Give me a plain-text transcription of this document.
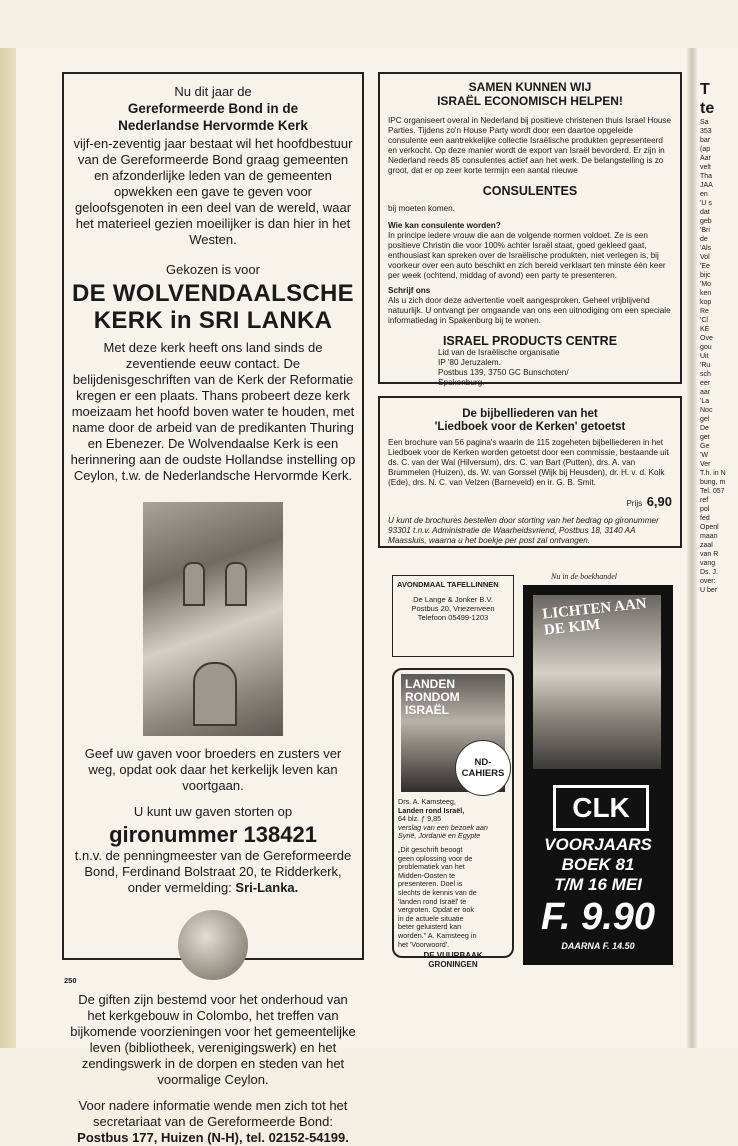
Nu dit jaar de

Gereformeerde Bond in de

Nederlandse Hervormde Kerk

vijf-en-zeventig jaar bestaat wil het hoofdbestuur van de Gereformeerde Bond graag gemeenten en afzonderlijke leden van de gemeenten opwekken een gave te geven voor geloofsgenoten in een deel van de wereld, waar het materieel gezien moeilijker is dan hier in het Westen.

Gekozen is voor

DE WOLVENDAALSCHE

KERK in SRI LANKA

Met deze kerk heeft ons land sinds de zeventiende eeuw contact. De belijdenisgeschriften van de Kerk der Reformatie kregen er een plaats. Thans probeert deze kerk moeizaam het hoofd boven water te houden, met name door de arbeid van de predikanten Thuring en Ebenezer. De Wolvendaalse Kerk is een herinnering aan de oudste Hollandse instelling op Ceylon, t.w. de Nederlandsche Hervormde Kerk.

Geef uw gaven voor broeders en zusters ver weg, opdat ook daar het kerkelijk leven kan voortgaan.

U kunt uw gaven storten op

gironummer 138421

t.n.v. de penningmeester van de Gereformeerde Bond, Ferdinand Bolstraat 20, te Ridderkerk, onder vermelding: Sri-Lanka.

De giften zijn bestemd voor het onderhoud van het kerkgebouw in Colombo, het treffen van bijkomende voorzieningen voor het gemeentelijke leven (bibliotheek, verenigingswerk) en het zendingswerk in de dorpen en steden van het voormalige Ceylon.

Voor nadere informatie wende men zich tot het secretariaat van de Gereformeerde Bond: Postbus 177, Huizen (N-H), tel. 02152-54199.

SAMEN KUNNEN WIJ
ISRAËL ECONOMISCH HELPEN!
IPC organiseert overal in Nederland bij positieve christenen thuis Israel House Parties. Tijdens zo'n House Party wordt door een daartoe opgeleide consulente een aantrekkelijke collectie Israëlische produkten gepresenteerd en verkocht. Op deze manier wordt de export van Israël bevorderd. Er zijn in Nederland reeds 85 consulentes actief aan het werk. De belangstelling is zo groot, dat er op zeer korte termijn een aantal nieuwe
CONSULENTES
bij moeten komen.
Wie kan consulente worden?
In principe iedere vrouw die aan de volgende normen voldoet. Ze is een positieve Christin die voor 100% achter Israël staat, goed gekleed gaat, enthousiast kan spreken over de Israëlische produkten, niet verlegen is, bij voorkeur over een auto beschikt en zich bereid verklaart ten minste één keer per week (ochtend, middag of avond) een party te presenteren.
Schrijf ons
Als u zich door deze advertentie voelt aangesproken. Geheel vrijblijvend natuurlijk. U ontvangt per omgaande van ons een uitnodiging om een speciale informatiedag in Spakenburg bij te wonen.
ISRAEL PRODUCTS CENTRE
Lid van de Israëlische organisatie
IP '80 Jeruzalem.
Postbus 139, 3750 GC Bunschoten/
Spakenburg.
De bijbelliederen van het
'Liedboek voor de Kerken' getoetst
Een brochure van 56 pagina's waarin de 115 zogeheten bijbelliederen in het Liedboek voor de Kerken worden getoetst door een commissie, bestaande uit ds. C. van der Wal (Hilversum), drs. C. van Bart (Putten), drs. A. van Brummelen (Huizen), ds. W. van Gorssel (Wijk bij Heusden), dr. H. v. d. Kolk (Ede), drs. N. C. van Velzen (Barneveld) en ir. G. B. Smit.
Prijs 6,90
U kunt de brochures bestellen door storting van het bedrag op gironummer 93301 t.n.v. Administratie de Waarheidsvriend, Postbus 18, 3140 AA Maassluis, waarna u het boekje per post zal ontvangen.
AVONDMAAL TAFELLINNEN
De Lange & Jonker B.V.
Postbus 20, Vriezenveen
Telefoon 05499-1203
LANDEN RONDOM ISRAËL
ND-
CAHIERS
Drs. A. Kamsteeg,
Landen rond Israël,
64 blz. ƒ 9,85
verslag van een bezoek aan Syrië, Jordanië en Egypte
„Dit geschrift beoogt geen oplossing voor de problematiek van het Midden-Oosten te presenteren. Doel is slechts de kennis van de 'landen rond Israël' te vergroten. Opdat er ook in de actuele situatie beter geluisterd kan worden." A. Kamsteeg in het 'Voorwoord'.
DE VUURBAAK
GRONINGEN
Nu in de boekhandel
LICHTEN AAN DE KIM
CLK
VOORJAARS
BOEK 81
T/M 16 MEI
F. 9.90
DAARNA F. 14.50
T
te
Sa
353
bar
(ap
Aar
velt
Tha
JAA
en
'U s
dat
geb
'Bri
de
'Als
Vol
'Ee
bijc
'Mo
ken
kop
Re
'Cl
KE
Ove
gou
Uit
'Ru
sch
eer
aar
'La
Noc
gel
De
get
Ge
'W
Ver
T.h. in N
bung, m
Tel. 057
ref
pol
fed
Openl
maan
zaal
van R
vang
Ds. J.
over:
U ber
250
